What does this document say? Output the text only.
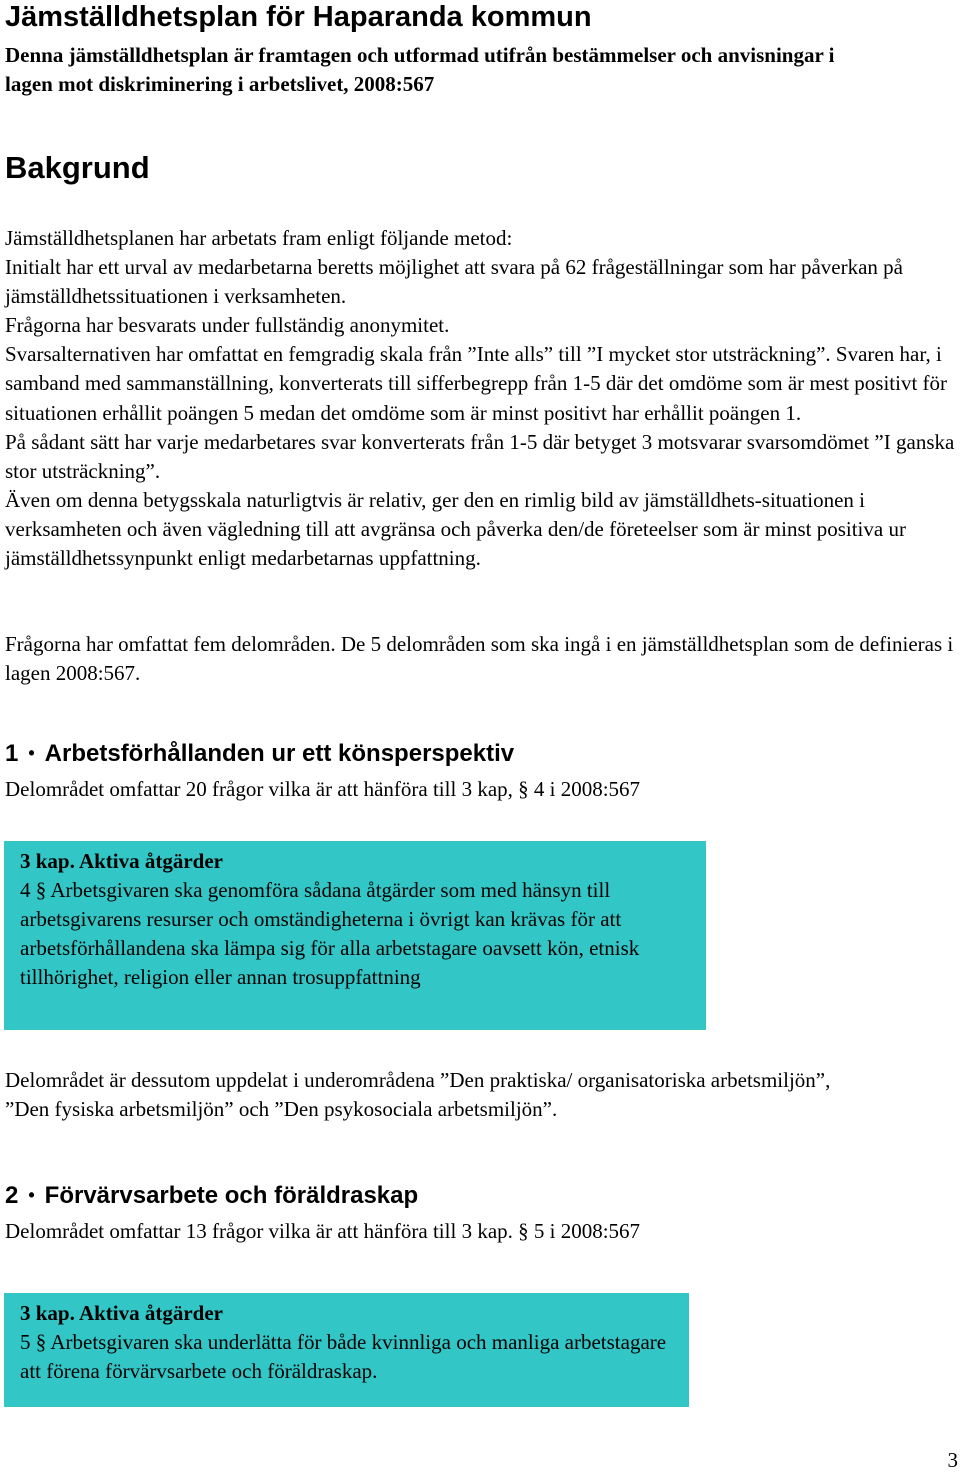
Jämställdhetsplan för Haparanda kommun

Denna jämställdhetsplan är framtagen och utformad utifrån bestämmelser och anvisningar i lagen mot diskriminering i arbetslivet, 2008:567

Bakgrund

Jämställdhetsplanen har arbetats fram enligt följande metod:

Initialt har ett urval av medarbetarna beretts möjlighet att svara på 62 frågeställningar som har påverkan på jämställdhetssituationen i verksamheten.

Frågorna har besvarats under fullständig anonymitet.

Svarsalternativen har omfattat en femgradig skala från ”Inte alls” till ”I mycket stor utsträckning”. Svaren har, i samband med sammanställning, konverterats till sifferbegrepp från 1-5 där det omdöme som är mest positivt för situationen erhållit poängen 5 medan det omdöme som är minst positivt har erhållit poängen 1.

På sådant sätt har varje medarbetares svar konverterats från 1-5 där betyget 3 motsvarar svarsomdömet ”I ganska stor utsträckning”.

Även om denna betygsskala naturligtvis är relativ, ger den en rimlig bild av jämställdhets-situationen i verksamheten och även vägledning till att avgränsa och påverka den/de företeelser som är minst positiva ur jämställdhetssynpunkt enligt medarbetarnas uppfattning.

Frågorna har omfattat fem delområden. De 5 delområden som ska ingå i en jämställdhetsplan som de definieras i lagen 2008:567.

1 • Arbetsförhållanden ur ett könsperspektiv

Delområdet omfattar 20 frågor vilka är att hänföra till 3 kap, § 4 i 2008:567

3 kap. Aktiva åtgärder
4 § Arbetsgivaren ska genomföra sådana åtgärder som med hänsyn till arbetsgivarens resurser och omständigheterna i övrigt kan krävas för att arbetsförhållandena ska lämpa sig för alla arbetstagare oavsett kön, etnisk tillhörighet, religion eller annan trosuppfattning

Delområdet är dessutom uppdelat i underområdena ”Den praktiska/ organisatoriska arbetsmiljön”, ”Den fysiska arbetsmiljön” och ”Den psykosociala arbetsmiljön”.

2 • Förvärvsarbete och föräldraskap

Delområdet omfattar 13 frågor vilka är att hänföra till 3 kap. § 5 i 2008:567

3 kap. Aktiva åtgärder
5 § Arbetsgivaren ska underlätta för både kvinnliga och manliga arbetstagare att förena förvärvsarbete och föräldraskap.
3
